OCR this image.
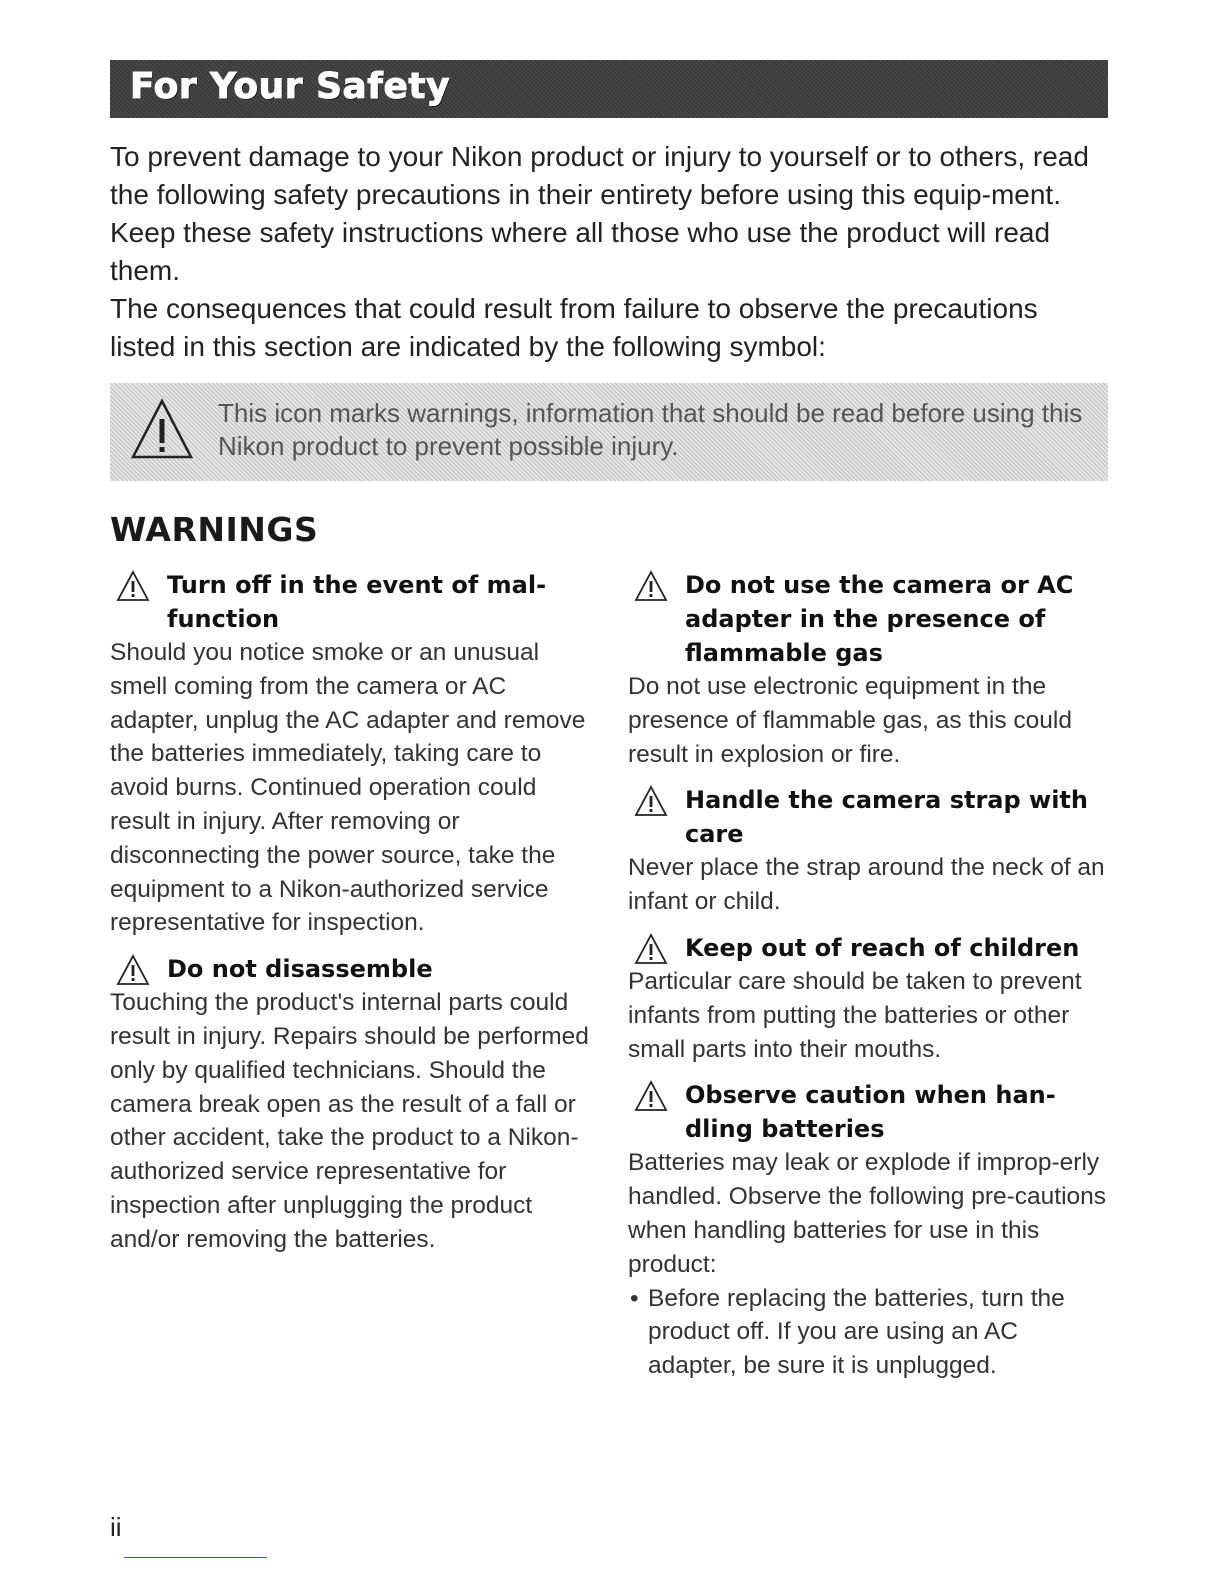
For Your Safety

To prevent damage to your Nikon product or injury to yourself or to others, read the following safety precautions in their entirety before using this equip-ment. Keep these safety instructions where all those who use the product will read them.

The consequences that could result from failure to observe the precautions listed in this section are indicated by the following symbol:

This icon marks warnings, information that should be read before using this Nikon product to prevent possible injury.
WARNINGS
Turn off in the event of mal-function
Should you notice smoke or an unusual smell coming from the camera or AC adapter, unplug the AC adapter and remove the batteries immediately, taking care to avoid burns. Continued operation could result in injury. After removing or disconnecting the power source, take the equipment to a Nikon-authorized service representative for inspection.
Do not disassemble
Touching the product's internal parts could result in injury. Repairs should be performed only by qualified technicians. Should the camera break open as the result of a fall or other accident, take the product to a Nikon-authorized service representative for inspection after unplugging the product and/or removing the batteries.
Do not use the camera or AC adapter in the presence of flammable gas
Do not use electronic equipment in the presence of flammable gas, as this could result in explosion or fire.
Handle the camera strap with care
Never place the strap around the neck of an infant or child.
Keep out of reach of children
Particular care should be taken to prevent infants from putting the batteries or other small parts into their mouths.
Observe caution when han-dling batteries
Batteries may leak or explode if improp-erly handled. Observe the following pre-cautions when handling batteries for use in this product:
• Before replacing the batteries, turn the product off. If you are using an AC adapter, be sure it is unplugged.
ii
